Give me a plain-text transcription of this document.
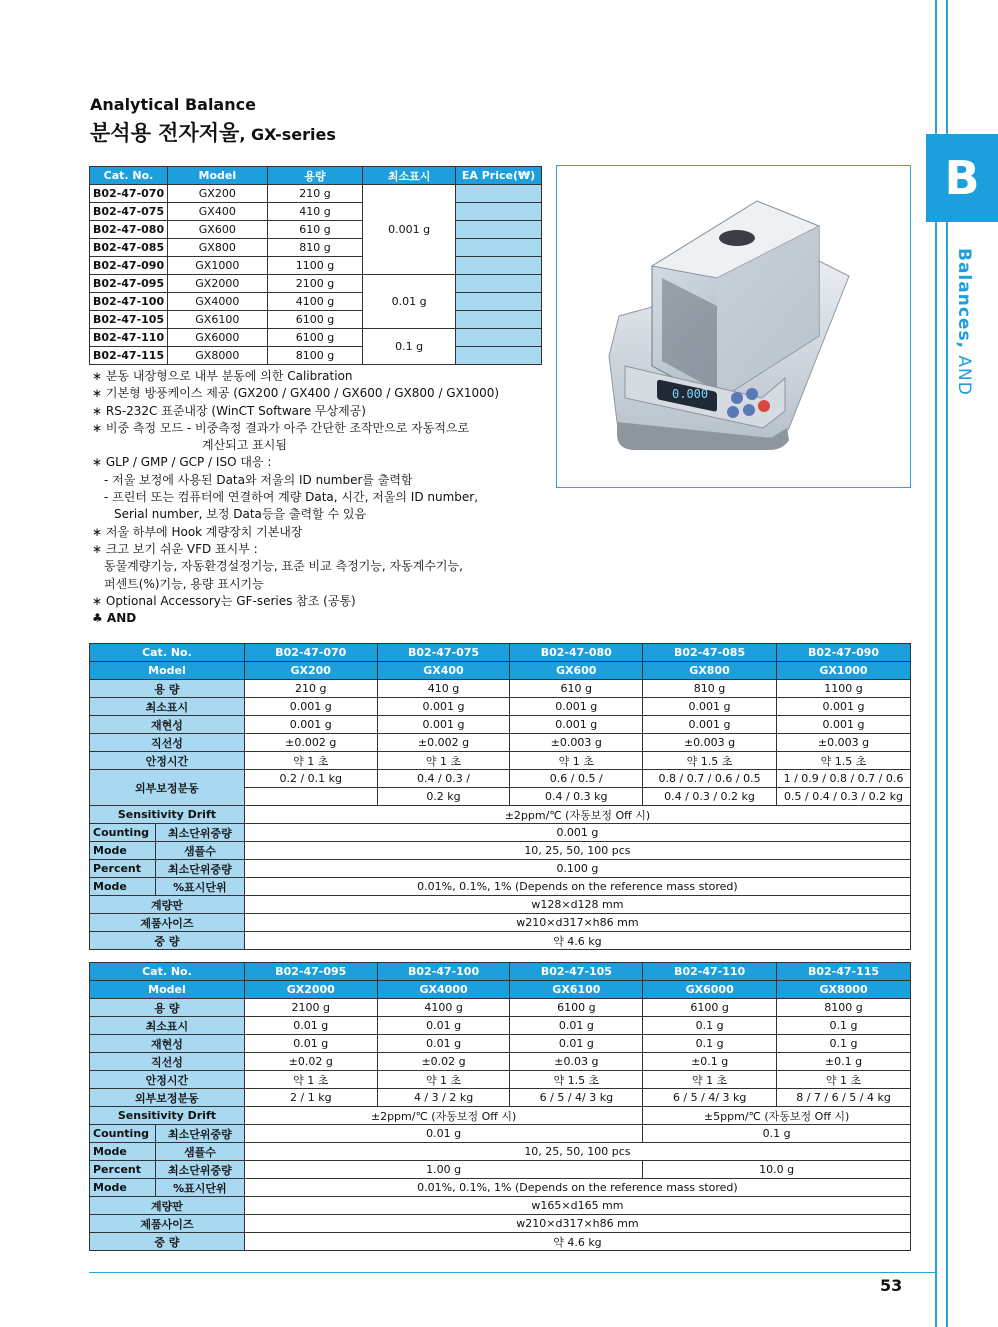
B
Balances, AND
Analytical Balance
분석용 전자저울, GX-series
Cat. No.	Model	용량	최소표시	EA Price(₩)
B02-47-070	GX200	210 g	0.001 g	
B02-47-075	GX400	410 g		
B02-47-080	GX600	610 g		
B02-47-085	GX800	810 g		
B02-47-090	GX1000	1100 g		
B02-47-095	GX2000	2100 g	0.01 g	
B02-47-100	GX4000	4100 g		
B02-47-105	GX6100	6100 g		
B02-47-110	GX6000	6100 g	0.1 g	
B02-47-115	GX8000	8100 g		
0.000
∗ 분동 내장형으로 내부 분동에 의한 Calibration
∗ 기본형 방풍케이스 제공 (GX200 / GX400 / GX600 / GX800 / GX1000)
∗ RS-232C 표준내장 (WinCT Software 무상제공)
∗ 비중 측정 모드 - 비중측정 결과가 아주 간단한 조작만으로 자동적으로
계산되고 표시됨
∗ GLP / GMP / GCP / ISO 대응 :
- 저울 보정에 사용된 Data와 저울의 ID number를 출력함
- 프린터 또는 컴퓨터에 연결하여 계량 Data, 시간, 저울의 ID number,
Serial number, 보정 Data등을 출력할 수 있음
∗ 저울 하부에 Hook 계량장치 기본내장
∗ 크고 보기 쉬운 VFD 표시부 :
동물계량기능, 자동환경설정기능, 표준 비교 측정기능, 자동계수기능,
퍼센트(%)기능, 용량 표시기능
∗ Optional Accessory는 GF-series 참조 (공통)
♣ AND
Cat. No.		B02-47-070	B02-47-075	B02-47-080	B02-47-085	B02-47-090
Model		GX200	GX400	GX600	GX800	GX1000
용 량		210 g	410 g	610 g	810 g	1100 g
최소표시		0.001 g	0.001 g	0.001 g	0.001 g	0.001 g
재현성		0.001 g	0.001 g	0.001 g	0.001 g	0.001 g
직선성		±0.002 g	±0.002 g	±0.003 g	±0.003 g	±0.003 g
안정시간		약 1 초	약 1 초	약 1 초	약 1.5 초	약 1.5 초
외부보정분동		0.2 / 0.1 kg	0.4 / 0.3 /	0.6 / 0.5 /	0.8 / 0.7 / 0.6 / 0.5	1 / 0.9 / 0.8 / 0.7 / 0.6
			0.2 kg	0.4 / 0.3 kg	0.4 / 0.3 / 0.2 kg	0.5 / 0.4 / 0.3 / 0.2 kg
Sensitivity Drift		±2ppm/℃ (자동보정 Off 시)				
Counting	최소단위중량	0.001 g				
Mode	샘플수	10, 25, 50, 100 pcs				
Percent	최소단위중량	0.100 g				
Mode	%표시단위	0.01%, 0.1%, 1% (Depends on the reference mass stored)				
계량판		w128×d128 mm				
제품사이즈		w210×d317×h86 mm				
중 량		약 4.6 kg				
Cat. No.		B02-47-095	B02-47-100	B02-47-105	B02-47-110	B02-47-115
Model		GX2000	GX4000	GX6100	GX6000	GX8000
용 량		2100 g	4100 g	6100 g	6100 g	8100 g
최소표시		0.01 g	0.01 g	0.01 g	0.1 g	0.1 g
재현성		0.01 g	0.01 g	0.01 g	0.1 g	0.1 g
직선성		±0.02 g	±0.02 g	±0.03 g	±0.1 g	±0.1 g
안정시간		약 1 초	약 1 초	약 1.5 초	약 1 초	약 1 초
외부보정분동		2 / 1 kg	4 / 3 / 2 kg	6 / 5 / 4/ 3 kg	6 / 5 / 4/ 3 kg	8 / 7 / 6 / 5 / 4 kg
Sensitivity Drift		±2ppm/℃ (자동보정 Off 시)			±5ppm/℃ (자동보정 Off 시)	
Counting	최소단위중량	0.01 g			0.1 g	
Mode	샘플수	10, 25, 50, 100 pcs				
Percent	최소단위중량	1.00 g			10.0 g	
Mode	%표시단위	0.01%, 0.1%, 1% (Depends on the reference mass stored)				
계량판		w165×d165 mm				
제품사이즈		w210×d317×h86 mm				
중 량		약 4.6 kg				
53
